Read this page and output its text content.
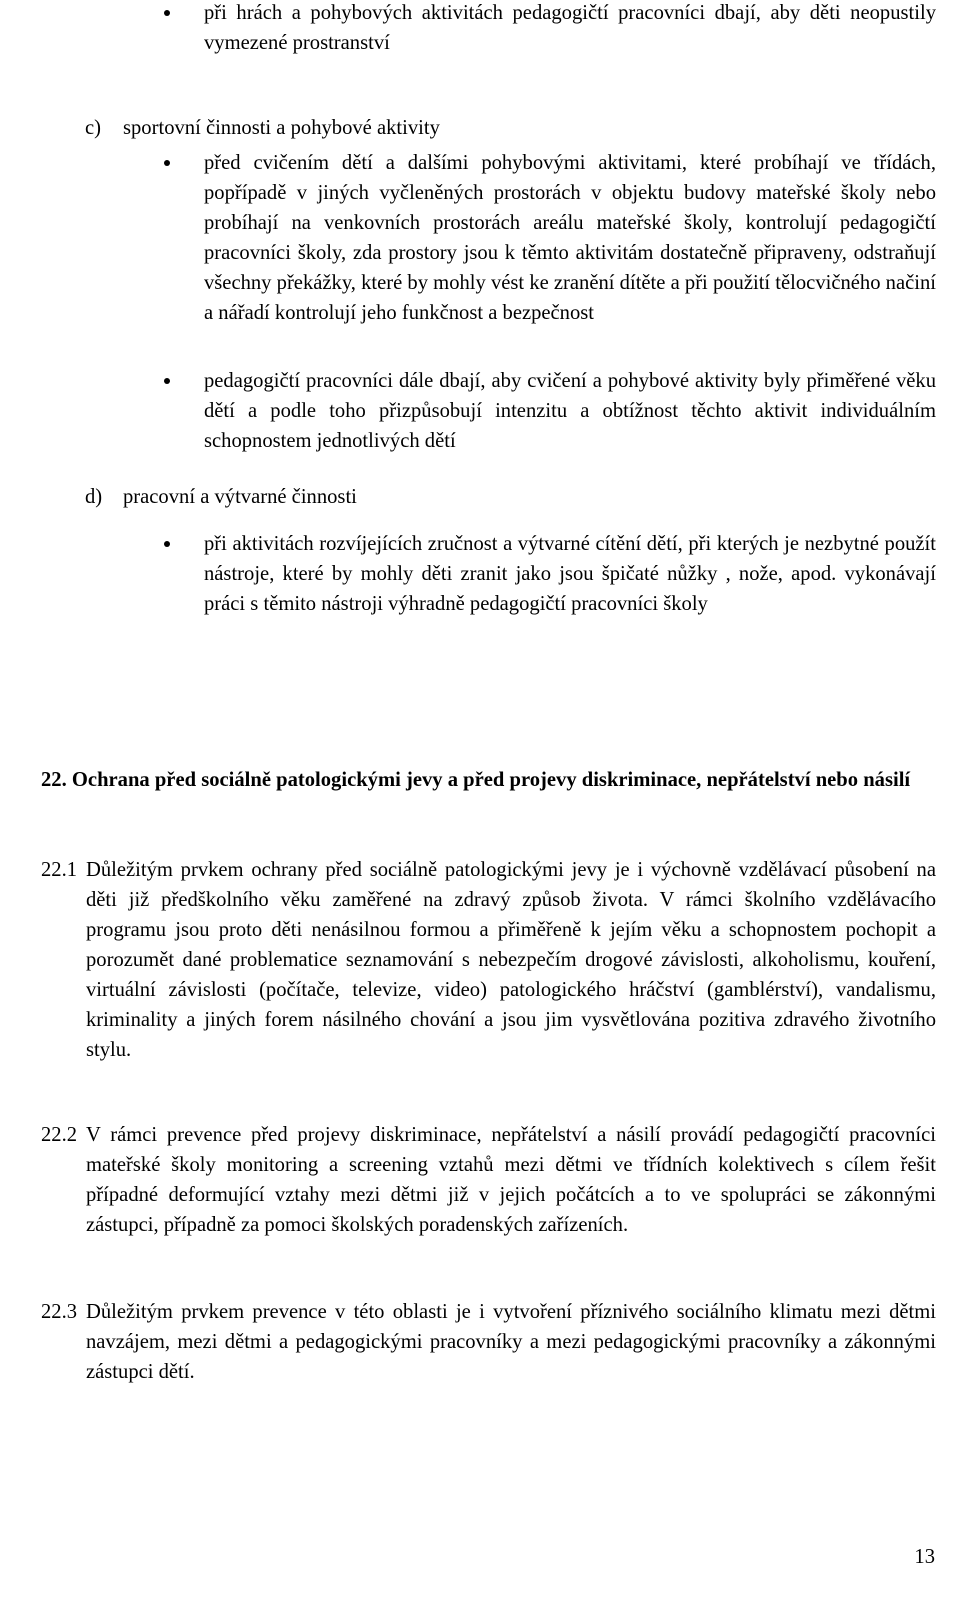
při hrách a pohybových aktivitách pedagogičtí pracovníci dbají, aby děti neopustily vymezené prostranství
c) sportovní činnosti a pohybové aktivity
před cvičením dětí a dalšími pohybovými aktivitami, které probíhají ve třídách, popřípadě v jiných vyčleněných prostorách v objektu budovy mateřské školy nebo probíhají na venkovních prostorách areálu mateřské školy, kontrolují pedagogičtí pracovníci školy, zda prostory jsou k těmto aktivitám dostatečně připraveny, odstraňují všechny překážky, které by mohly vést ke zranění dítěte a při použití tělocvičného načiní a nářadí kontrolují jeho funkčnost a bezpečnost
pedagogičtí pracovníci dále dbají, aby cvičení a pohybové aktivity byly přiměřené věku dětí a podle toho přizpůsobují intenzitu a obtížnost těchto aktivit individuálním schopnostem jednotlivých dětí
d) pracovní a výtvarné činnosti
při aktivitách rozvíjejících zručnost a výtvarné cítění dětí, při kterých je nezbytné použít nástroje, které by mohly děti zranit jako jsou špičaté nůžky , nože, apod. vykonávají práci s těmito nástroji výhradně pedagogičtí pracovníci školy
22. Ochrana před sociálně patologickými jevy a před projevy diskriminace, nepřátelství nebo násilí
22.1 Důležitým prvkem ochrany před sociálně patologickými jevy je i výchovně vzdělávací působení na děti již předškolního věku zaměřené na zdravý způsob života. V rámci školního vzdělávacího programu jsou proto děti nenásilnou formou a přiměřeně k jejím věku a schopnostem pochopit a porozumět dané problematice seznamování s nebezpečím drogové závislosti, alkoholismu, kouření, virtuální závislosti (počítače, televize, video) patologického hráčství (gamblérství), vandalismu, kriminality a jiných forem násilného chování a jsou jim vysvětlována pozitiva zdravého životního stylu.
22.2 V rámci prevence před projevy diskriminace, nepřátelství a násilí provádí pedagogičtí pracovníci mateřské školy monitoring a screening vztahů mezi dětmi ve třídních kolektivech s cílem řešit případné deformující vztahy mezi dětmi již v jejich počátcích a to ve spolupráci se zákonnými zástupci, případně za pomoci školských poradenských zařízeních.
22.3 Důležitým prvkem prevence v této oblasti je i vytvoření příznivého sociálního klimatu mezi dětmi navzájem, mezi dětmi a pedagogickými pracovníky a mezi pedagogickými pracovníky a zákonnými zástupci dětí.
13
